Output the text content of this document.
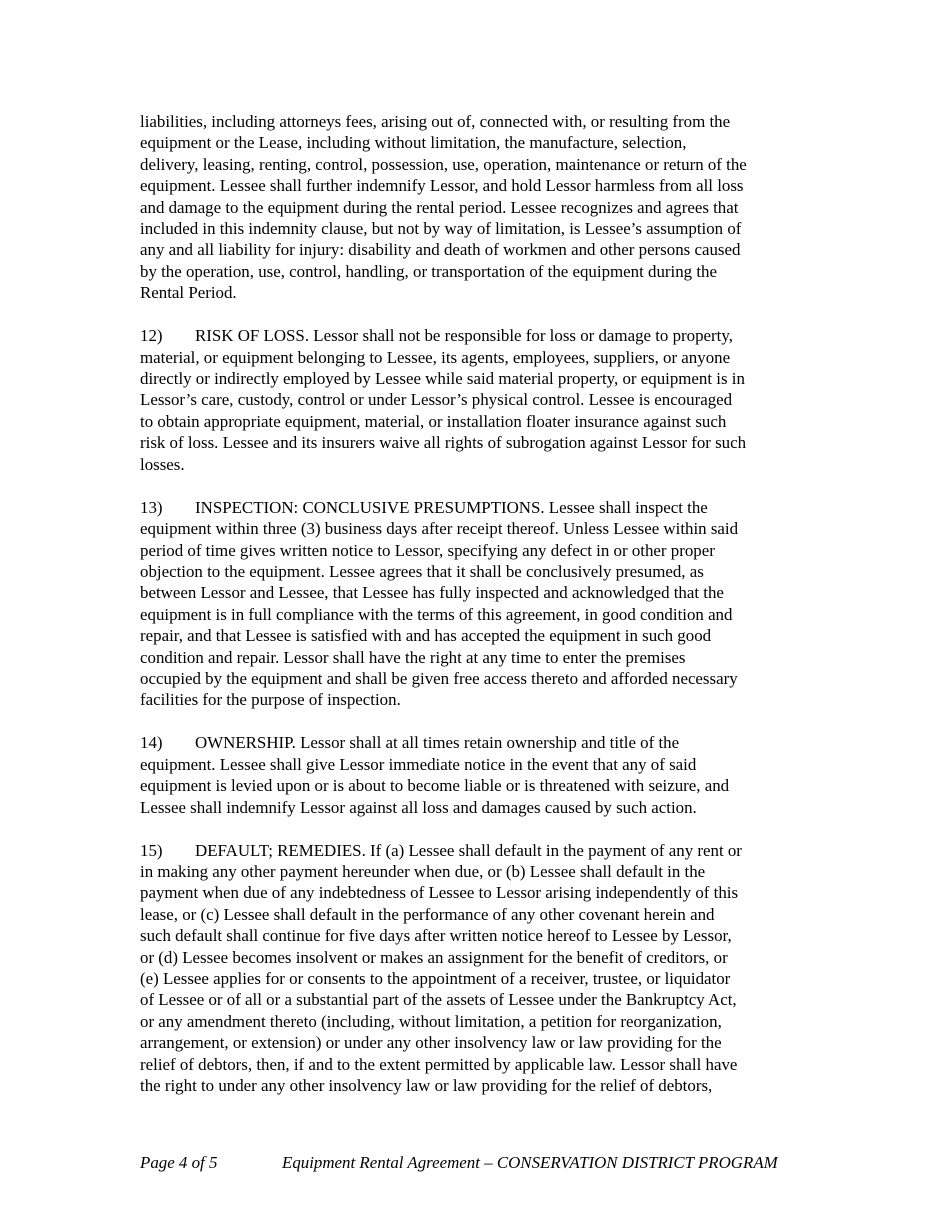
liabilities, including attorneys fees, arising out of, connected with, or resulting from the
equipment or the Lease, including without limitation, the manufacture, selection,
delivery, leasing, renting, control, possession, use, operation, maintenance or return of the
equipment. Lessee shall further indemnify Lessor, and hold Lessor harmless from all loss
and damage to the equipment during the rental period. Lessee recognizes and agrees that
included in this indemnity clause, but not by way of limitation, is Lessee’s assumption of
any and all liability for injury: disability and death of workmen and other persons caused
by the operation, use, control, handling, or transportation of the equipment during the
Rental Period.
12) RISK OF LOSS. Lessor shall not be responsible for loss or damage to property,
material, or equipment belonging to Lessee, its agents, employees, suppliers, or anyone
directly or indirectly employed by Lessee while said material property, or equipment is in
Lessor’s care, custody, control or under Lessor’s physical control. Lessee is encouraged
to obtain appropriate equipment, material, or installation floater insurance against such
risk of loss. Lessee and its insurers waive all rights of subrogation against Lessor for such
losses.
13) INSPECTION: CONCLUSIVE PRESUMPTIONS. Lessee shall inspect the
equipment within three (3) business days after receipt thereof. Unless Lessee within said
period of time gives written notice to Lessor, specifying any defect in or other proper
objection to the equipment. Lessee agrees that it shall be conclusively presumed, as
between Lessor and Lessee, that Lessee has fully inspected and acknowledged that the
equipment is in full compliance with the terms of this agreement, in good condition and
repair, and that Lessee is satisfied with and has accepted the equipment in such good
condition and repair. Lessor shall have the right at any time to enter the premises
occupied by the equipment and shall be given free access thereto and afforded necessary
facilities for the purpose of inspection.
14) OWNERSHIP. Lessor shall at all times retain ownership and title of the
equipment. Lessee shall give Lessor immediate notice in the event that any of said
equipment is levied upon or is about to become liable or is threatened with seizure, and
Lessee shall indemnify Lessor against all loss and damages caused by such action.
15) DEFAULT; REMEDIES. If (a) Lessee shall default in the payment of any rent or
in making any other payment hereunder when due, or (b) Lessee shall default in the
payment when due of any indebtedness of Lessee to Lessor arising independently of this
lease, or (c) Lessee shall default in the performance of any other covenant herein and
such default shall continue for five days after written notice hereof to Lessee by Lessor,
or (d) Lessee becomes insolvent or makes an assignment for the benefit of creditors, or
(e) Lessee applies for or consents to the appointment of a receiver, trustee, or liquidator
of Lessee or of all or a substantial part of the assets of Lessee under the Bankruptcy Act,
or any amendment thereto (including, without limitation, a petition for reorganization,
arrangement, or extension) or under any other insolvency law or law providing for the
relief of debtors, then, if and to the extent permitted by applicable law. Lessor shall have
the right to under any other insolvency law or law providing for the relief of debtors,
Page 4 of 5	Equipment Rental Agreement – CONSERVATION DISTRICT PROGRAM
